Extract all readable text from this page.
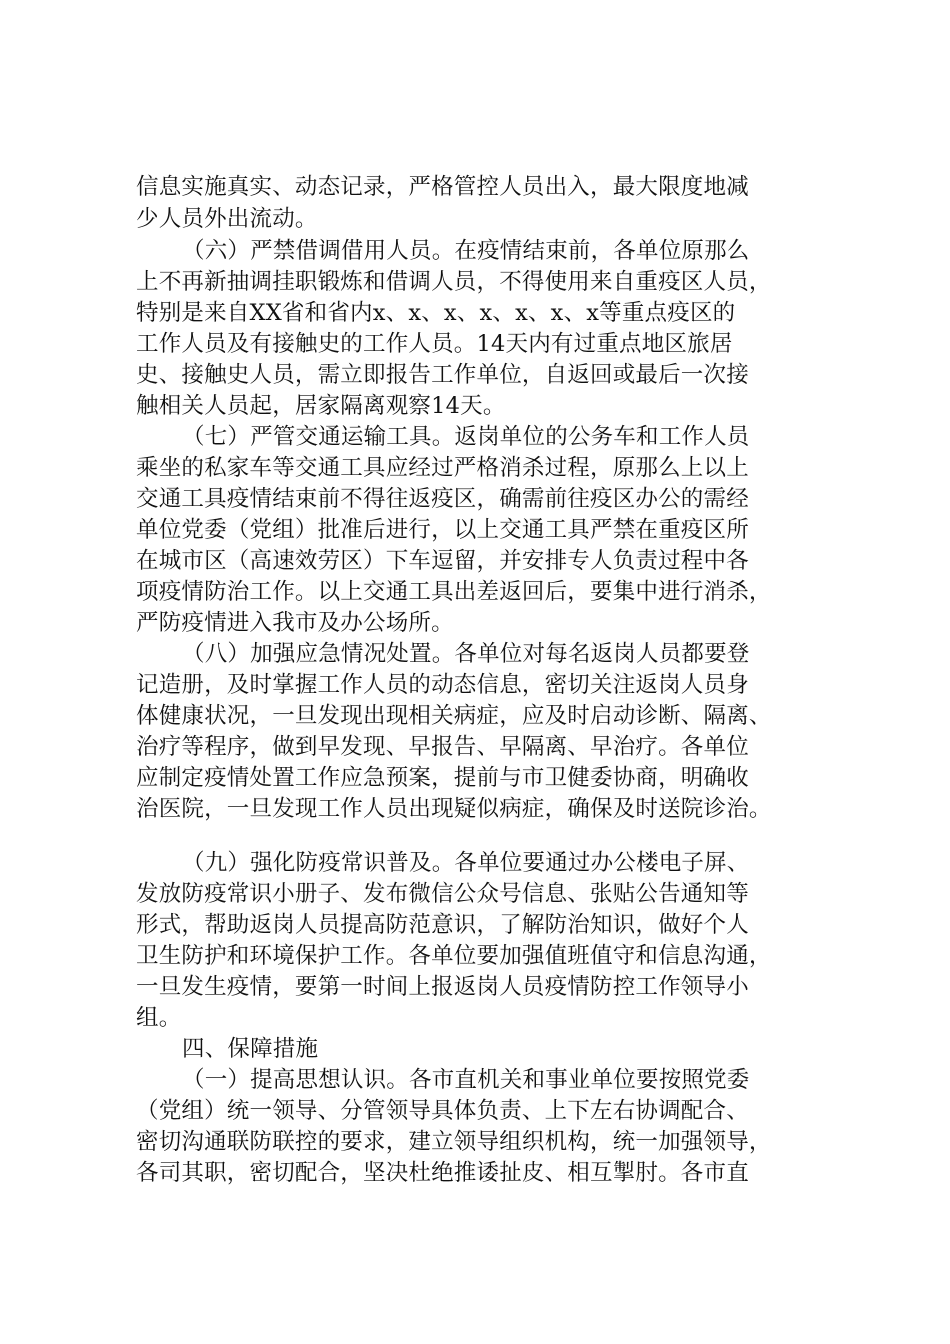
信息实施真实、动态记录，严格管控人员出入，最大限度地减
少人员外出流动。
（六）严禁借调借用人员。在疫情结束前，各单位原那么
上不再新抽调挂职锻炼和借调人员，不得使用来自重疫区人员，
特别是来自XX省和省内x、x、x、x、x、x、x等重点疫区的
工作人员及有接触史的工作人员。14天内有过重点地区旅居
史、接触史人员，需立即报告工作单位，自返回或最后一次接
触相关人员起，居家隔离观察14天。
（七）严管交通运输工具。返岗单位的公务车和工作人员
乘坐的私家车等交通工具应经过严格消杀过程，原那么上以上
交通工具疫情结束前不得往返疫区，确需前往疫区办公的需经
单位党委（党组）批准后进行，以上交通工具严禁在重疫区所
在城市区（高速效劳区）下车逗留，并安排专人负责过程中各
项疫情防治工作。以上交通工具出差返回后，要集中进行消杀，
严防疫情进入我市及办公场所。
（八）加强应急情况处置。各单位对每名返岗人员都要登
记造册，及时掌握工作人员的动态信息，密切关注返岗人员身
体健康状况，一旦发现出现相关病症，应及时启动诊断、隔离、
治疗等程序，做到早发现、早报告、早隔离、早治疗。各单位
应制定疫情处置工作应急预案，提前与市卫健委协商，明确收
治医院，一旦发现工作人员出现疑似病症，确保及时送院诊治。
（九）强化防疫常识普及。各单位要通过办公楼电子屏、
发放防疫常识小册子、发布微信公众号信息、张贴公告通知等
形式，帮助返岗人员提高防范意识，了解防治知识，做好个人
卫生防护和环境保护工作。各单位要加强值班值守和信息沟通，
一旦发生疫情，要第一时间上报返岗人员疫情防控工作领导小
组。
四、保障措施
（一）提高思想认识。各市直机关和事业单位要按照党委
（党组）统一领导、分管领导具体负责、上下左右协调配合、
密切沟通联防联控的要求，建立领导组织机构，统一加强领导，
各司其职，密切配合，坚决杜绝推诿扯皮、相互掣肘。各市直
